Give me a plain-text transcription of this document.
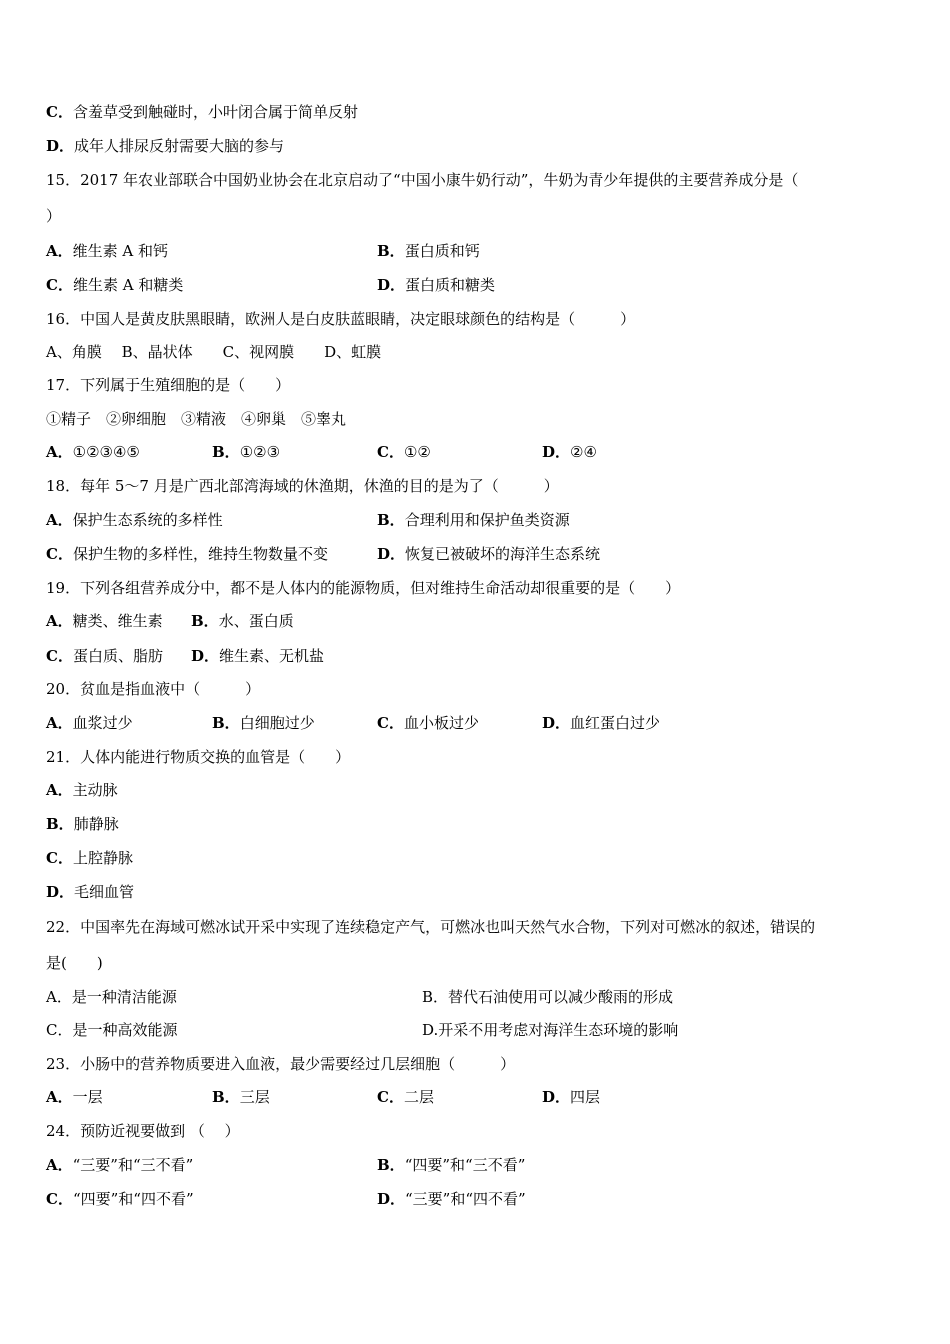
C．含羞草受到触碰时，小叶闭合属于简单反射
D．成年人排尿反射需要大脑的参与
15．2017 年农业部联合中国奶业协会在北京启动了“中国小康牛奶行动”，牛奶为青少年提供的主要营养成分是（
）
A．维生素 A 和钙	B．蛋白质和钙
C．维生素 A 和糖类	D．蛋白质和糖类
16．中国人是黄皮肤黑眼睛，欧洲人是白皮肤蓝眼睛，决定眼球颜色的结构是（　　　）
A、角膜　 B、晶状体　　C、视网膜　　D、虹膜
17．下列属于生殖细胞的是（　　）
①精子　②卵细胞　③精液　④卵巢　⑤睾丸
A．①②③④⑤	B．①②③	C．①②	D．②④
18．每年 5～7 月是广西北部湾海域的休渔期，休渔的目的是为了（　　　）
A．保护生态系统的多样性	B．合理利用和保护鱼类资源
C．保护生物的多样性，维持生物数量不变	D．恢复已被破坏的海洋生态系统
19．下列各组营养成分中，都不是人体内的能源物质，但对维持生命活动却很重要的是（　　）
A．糖类、维生素 B．水、蛋白质
C．蛋白质、脂肪 D．维生素、无机盐
20．贫血是指血液中（　　　）
A．血浆过少	B．白细胞过少	C．血小板过少	D．血红蛋白过少
21．人体内能进行物质交换的血管是（　　）
A．主动脉
B．肺静脉
C．上腔静脉
D．毛细血管
22．中国率先在海域可燃冰试开采中实现了连续稳定产气，可燃冰也叫天然气水合物，下列对可燃冰的叙述，错误的
是(　　)
A．是一种清洁能源	B．替代石油使用可以减少酸雨的形成
C．是一种高效能源	D.开采不用考虑对海洋生态环境的影响
23．小肠中的营养物质要进入血液，最少需要经过几层细胞（　　　）
A．一层	B．三层	C．二层	D．四层
24．预防近视要做到 （　 ）
A．“三要”和“三不看”	B．“四要”和“三不看”
C．“四要”和“四不看”	D．“三要”和“四不看”
